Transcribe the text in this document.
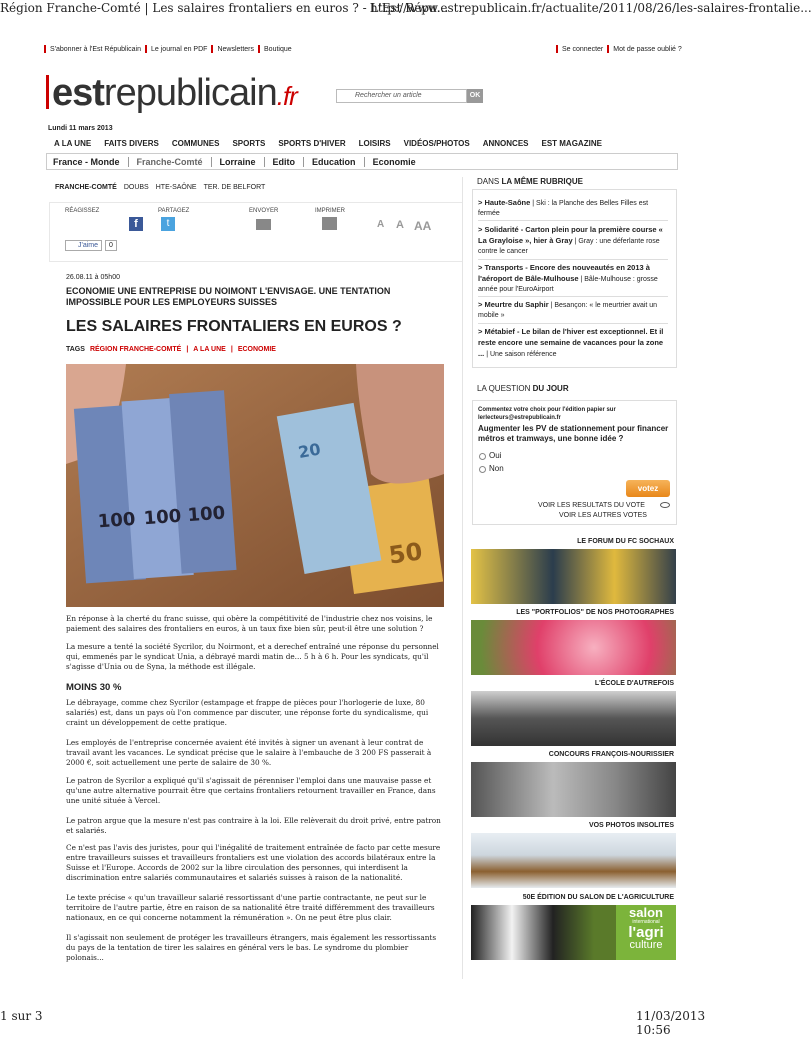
Région Franche-Comté | Les salaires frontaliers en euros ? - L'Est Répu...
http://www.estrepublicain.fr/actualite/2011/08/26/les-salaires-frontalie...
1 sur 3	11/03/2013 10:56
S'abonner à l'Est Républicain Le journal en PDF Newsletters Boutique	Se connecter Mot de passe oublié ?
estrepublicain.fr	Rechercher un article	OK
Lundi 11 mars 2013
A LA UNE FAITS DIVERS COMMUNES SPORTS SPORTS D'HIVER LOISIRS VIDÉOS/PHOTOS ANNONCES EST MAGAZINE
France - Monde Franche-Comté Lorraine Edito Education Economie
FRANCHE-COMTÉ DOUBS HTE-SAÔNE TER. DE BELFORT
RÉAGISSEZ	PARTAGEZ	ENVOYER	IMPRIMER
f	t	A A AA
J'aime	0
26.08.11 à 05h00
ECONOMIE UNE ENTREPRISE DU NOIMONT L'ENVISAGE. UNE TENTATION IMPOSSIBLE POUR LES EMPLOYEURS SUISSES
LES SALAIRES FRONTALIERS EN EUROS ?
TAGS RÉGION FRANCHE-COMTÉ | A LA UNE | ECONOMIE
100 100 100
20
50
En réponse à la cherté du franc suisse, qui obère la compétitivité de l'industrie chez nos voisins, le paiement des salaires des frontaliers en euros, à un taux fixe bien sûr, peut-il être une solution ?
La mesure a tenté la société Sycrilor, du Noirmont, et a derechef entraîné une réponse du personnel qui, emmenés par le syndicat Unia, a débrayé mardi matin de... 5 h à 6 h. Pour les syndicats, qu'il s'agisse d'Unia ou de Syna, la méthode est illégale.
MOINS 30 %
Le débrayage, comme chez Sycrilor (estampage et frappe de pièces pour l'horlogerie de luxe, 80 salariés) est, dans un pays où l'on commence par discuter, une réponse forte du syndicalisme, qui craint un développement de cette pratique.
Les employés de l'entreprise concernée avaient été invités à signer un avenant à leur contrat de travail avant les vacances. Le syndicat précise que le salaire à l'embauche de 3 200 FS passerait à 2000 €, soit actuellement une perte de salaire de 30 %.
Le patron de Sycrilor a expliqué qu'il s'agissait de pérenniser l'emploi dans une mauvaise passe et qu'une autre alternative pourrait être que certains frontaliers retournent travailler en France, dans une unité située à Vercel.
Le patron argue que la mesure n'est pas contraire à la loi. Elle relèverait du droit privé, entre patron et salariés.
Ce n'est pas l'avis des juristes, pour qui l'inégalité de traitement entraînée de facto par cette mesure entre travailleurs suisses et travailleurs frontaliers est une violation des accords bilatéraux entre la Suisse et l'Europe. Accords de 2002 sur la libre circulation des personnes, qui interdisent la discrimination entre salariés communautaires et salariés suisses à raison de la nationalité.
Le texte précise « qu'un travailleur salarié ressortissant d'une partie contractante, ne peut sur le territoire de l'autre partie, être en raison de sa nationalité être traité différemment des travailleurs nationaux, en ce qui concerne notamment la rémunération ». On ne peut être plus clair.
Il s'agissait non seulement de protéger les travailleurs étrangers, mais également les ressortissants du pays de la tentation de tirer les salaires en général vers le bas. Le syndrome du plombier polonais...
DANS LA MÊME RUBRIQUE
> Haute-Saône | Ski : la Planche des Belles Filles est fermée
> Solidarité - Carton plein pour la première course « La Grayloise », hier à Gray | Gray : une déferlante rose contre le cancer
> Transports - Encore des nouveautés en 2013 à l'aéroport de Bâle-Mulhouse | Bâle-Mulhouse : grosse année pour l'EuroAirport
> Meurtre du Saphir | Besançon: « le meurtrier avait un mobile »
> Métabief - Le bilan de l'hiver est exceptionnel. Et il reste encore une semaine de vacances pour la zone ... | Une saison référence
LA QUESTION DU JOUR
Commentez votre choix pour l'édition papier sur lerlecteurs@estrepublicain.fr
Augmenter les PV de stationnement pour financer métros et tramways, une bonne idée ?
Oui
Non
votez
VOIR LES RESULTATS DU VOTE
VOIR LES AUTRES VOTES
LE FORUM DU FC SOCHAUX
LES "PORTFOLIOS" DE NOS PHOTOGRAPHES
L'ÉCOLE D'AUTREFOIS
CONCOURS FRANÇOIS-NOURISSIER
VOS PHOTOS INSOLITES
50E ÉDITION DU SALON DE L'AGRICULTURE
salon
international
l'agri
culture
